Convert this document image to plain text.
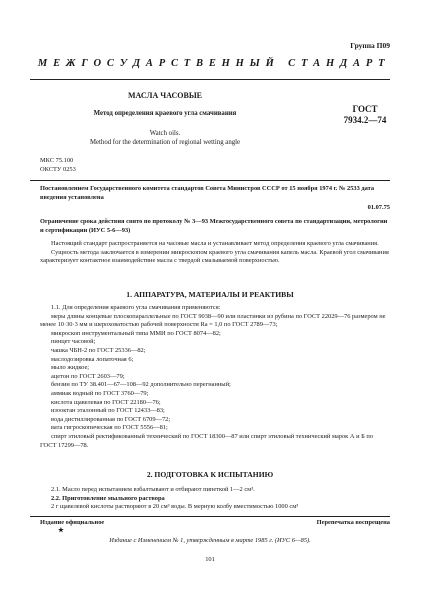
Группа П09
М Е Ж Г О С У Д А Р С Т В Е Н Н Ы Й   С Т А Н Д А Р Т
МАСЛА ЧАСОВЫЕ
Метод определения краевого угла смачивания
Watch oils.
Method for the determination of regional wetting angle
ГОСТ
7934.2—74
МКС 75.100
ОКСТУ 0253
Постановлением Государственного комитета стандартов Совета Министров СССР от 15 ноября 1974 г. № 2533 дата введения установлена
01.07.75
Ограничение срока действия снято по протоколу № 3—93 Межгосударственного совета по стандартизации, метрологии и сертификации (ИУС 5-6—93)

Настоящий стандарт распространяется на часовые масла и устанавливает метод определения краевого угла смачивания.

Сущность метода заключается в измерении микроскопом краевого угла смачивания капель масла. Краевой угол смачивания характеризует контактное взаимодействие масла с твердой смазываемой поверхностью.

1. АППАРАТУРА, МАТЕРИАЛЫ И РЕАКТИВЫ

1.1. Для определения краевого угла смачивания применяются:

меры длины концевые плоскопараллельные по ГОСТ 9038—90 или пластинки из рубина по ГОСТ 22029—76 размером не менее 10·30·3 мм и шероховатостью рабочей поверхности Ra = 1,0 по ГОСТ 2789—73;

микроскоп инструментальный типа ММИ по ГОСТ 8074—82;
пинцет часовой;
чашка ЧБН-2 по ГОСТ 25336—82;
маслодозировка лопаточная 6;
мыло жидкое;
ацетон по ГОСТ 2603—79;
бензин по ТУ 38.401—67—108—92 дополнительно перегнанный;
аммиак водный по ГОСТ 3760—79;
кислота щавелевая по ГОСТ 22180—76;
изооктан эталонный по ГОСТ 12433—83;
вода дистиллированная по ГОСТ 6709—72;
вата гигроскопическая по ГОСТ 5556—81;

спирт этиловый ректификованный технический по ГОСТ 18300—87 или спирт этиловый технический марок А и Б по ГОСТ 17299—78.

2. ПОДГОТОВКА К ИСПЫТАНИЮ

2.1. Масло перед испытанием взбалтывают и отбирают пипеткой 1—2 см³.

2.2. Приготовление мыльного раствора

2 г щавелевой кислоты растворяют в 20 см³ воды. В мерную колбу вместимостью 1000 см³

Издание официальное
★
Перепечатка воспрещена
Издание с Изменением № 1, утвержденным в марте 1985 г. (ИУС 6—85).
101
